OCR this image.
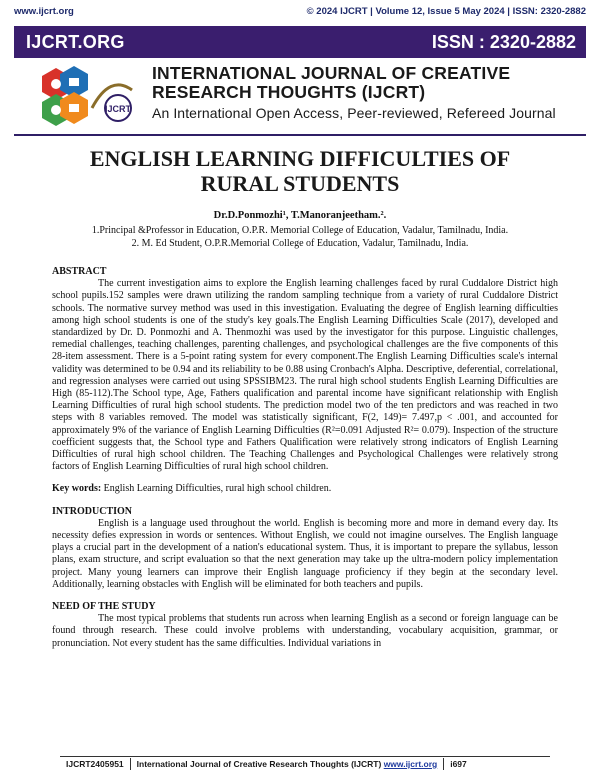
www.ijcrt.org	© 2024 IJCRT | Volume 12, Issue 5 May 2024 | ISSN: 2320-2882
IJCRT.ORG	ISSN : 2320-2882
IJCRT
INTERNATIONAL JOURNAL OF CREATIVE
RESEARCH THOUGHTS (IJCRT)
An International Open Access, Peer-reviewed, Refereed Journal
ENGLISH LEARNING DIFFICULTIES OF
RURAL STUDENTS
Dr.D.Ponmozhi¹, T.Manoranjeetham.².
1.Principal &Professor in Education, O.P.R. Memorial College of Education, Vadalur, Tamilnadu, India.
2. M. Ed Student, O.P.R.Memorial College of Education, Vadalur, Tamilnadu, India.
ABSTRACT

The current investigation aims to explore the English learning challenges faced by rural Cuddalore District high school pupils.152 samples were drawn utilizing the random sampling technique from a variety of rural Cuddalore District schools. The normative survey method was used in this investigation. Evaluating the degree of English learning difficulties among high school students is one of the study's key goals.The English Learning Difficulties Scale (2017), developed and standardized by Dr. D. Ponmozhi and A. Thenmozhi was used by the investigator for this purpose. Linguistic challenges, remedial challenges, teaching challenges, parenting challenges, and psychological challenges are the five components of this 28-item assessment. There is a 5-point rating system for every component.The English Learning Difficulties scale's internal validity was determined to be 0.94 and its reliability to be 0.88 using Cronbach's Alpha. Descriptive, deferential, correlational, and regression analyses were carried out using SPSSIBM23. The rural high school students English Learning Difficulties are High (85-112).The School type, Age, Fathers qualification and parental income have significant relationship with English Learning Difficulties of rural high school students. The prediction model two of the ten predictors and was reached in two steps with 8 variables removed. The model was statistically significant, F(2, 149)= 7.497,p < .001, and accounted for approximately 9% of the variance of English Learning Difficulties (R²=0.091 Adjusted R²= 0.079). Inspection of the structure coefficient suggests that, the School type and Fathers Qualification were relatively strong indicators of English Learning Difficulties of rural high school children. The Teaching Challenges and Psychological Challenges were relatively strong factors of English Learning Difficulties of rural high school children.

Key words: English Learning Difficulties, rural high school children.

INTRODUCTION

English is a language used throughout the world. English is becoming more and more in demand every day. Its necessity defies expression in words or sentences. Without English, we could not imagine ourselves. The English language plays a crucial part in the development of a nation's educational system. Thus, it is important to prepare the syllabus, lesson plans, exam structure, and script evaluation so that the next generation may take up the ultra-modern policy implementation project. Many young learners can improve their English language proficiency if they begin at the secondary level. Additionally, learning obstacles with English will be eliminated for both teachers and pupils.

NEED OF THE STUDY

The most typical problems that students run across when learning English as a second or foreign language can be found through research. These could involve problems with understanding, vocabulary acquisition, grammar, or pronunciation. Not every student has the same difficulties. Individual variations in

IJCRT2405951	International Journal of Creative Research Thoughts (IJCRT) www.ijcrt.org	i697
